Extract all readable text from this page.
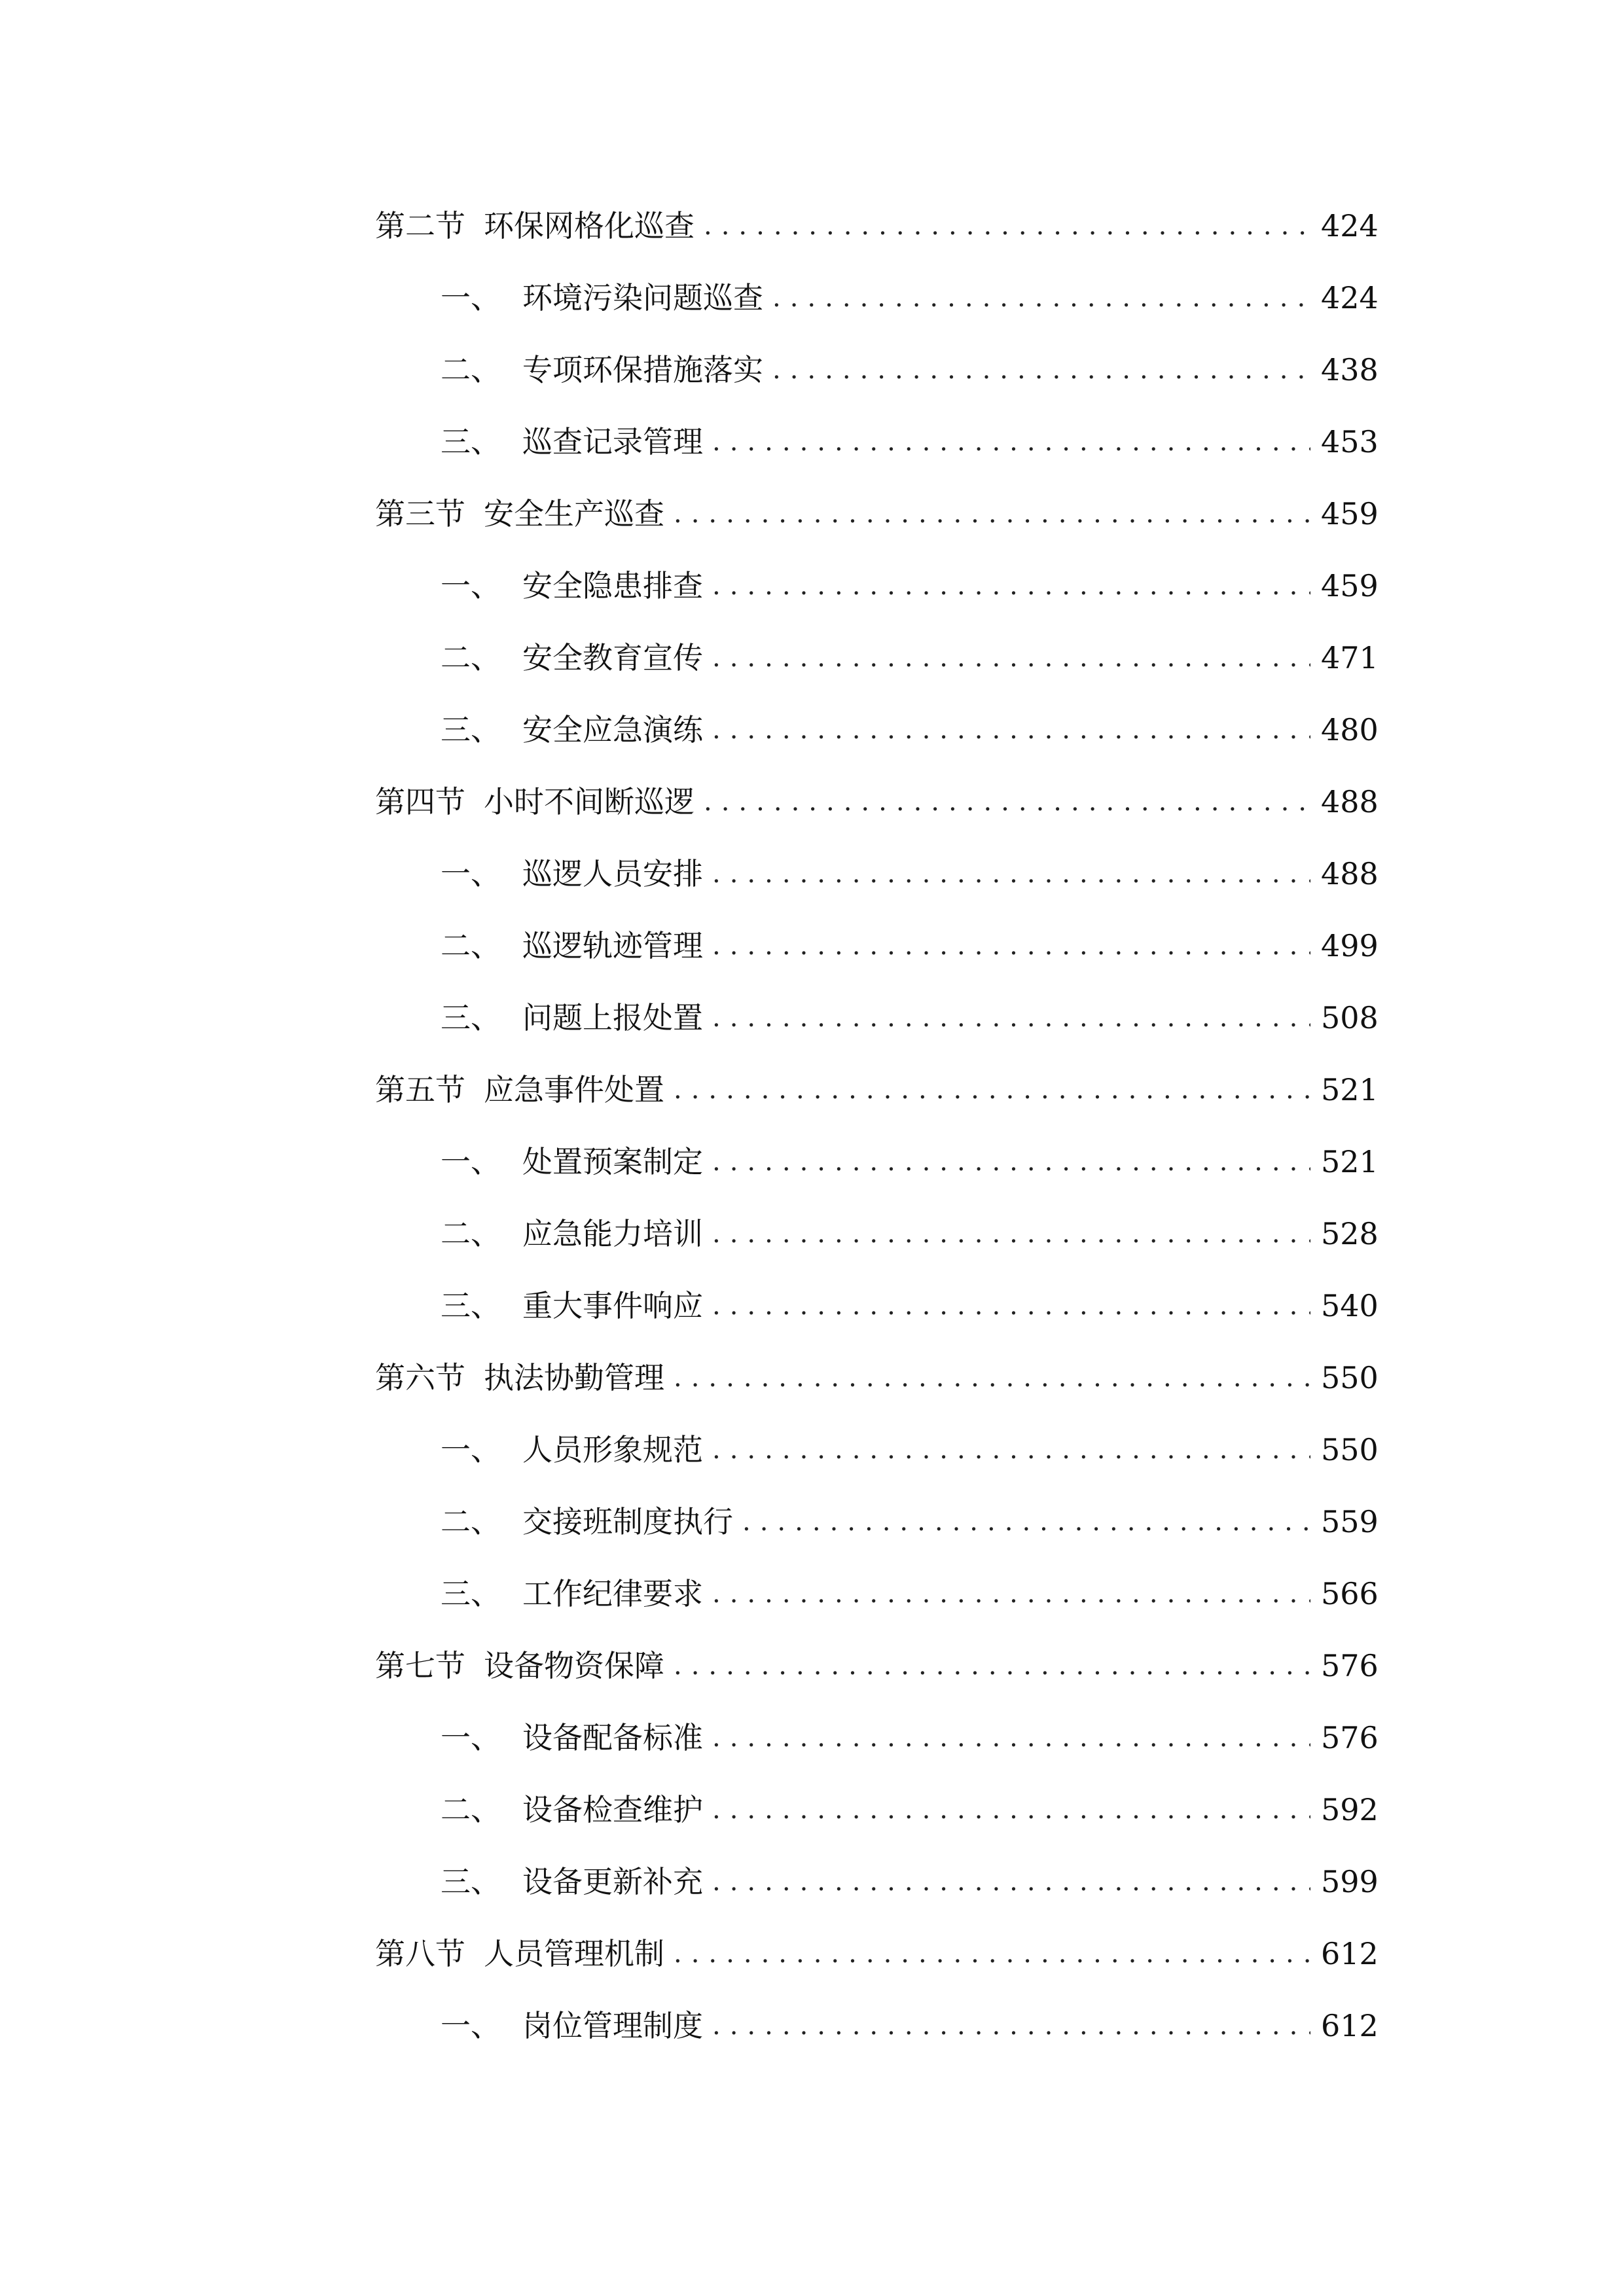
第二节 环保网格化巡查 .....	424
一、 环境污染问题巡查 .....	424
二、 专项环保措施落实 .....	438
三、 巡查记录管理 .....	453
第三节 安全生产巡查 .....	459
一、 安全隐患排查 .....	459
二、 安全教育宣传 .....	471
三、 安全应急演练 .....	480
第四节 小时不间断巡逻 .....	488
一、 巡逻人员安排 .....	488
二、 巡逻轨迹管理 .....	499
三、 问题上报处置 .....	508
第五节 应急事件处置 .....	521
一、 处置预案制定 .....	521
二、 应急能力培训 .....	528
三、 重大事件响应 .....	540
第六节 执法协勤管理 .....	550
一、 人员形象规范 .....	550
二、 交接班制度执行 .....	559
三、 工作纪律要求 .....	566
第七节 设备物资保障 .....	576
一、 设备配备标准 .....	576
二、 设备检查维护 .....	592
三、 设备更新补充 .....	599
第八节 人员管理机制 .....	612
一、 岗位管理制度 .....	612
